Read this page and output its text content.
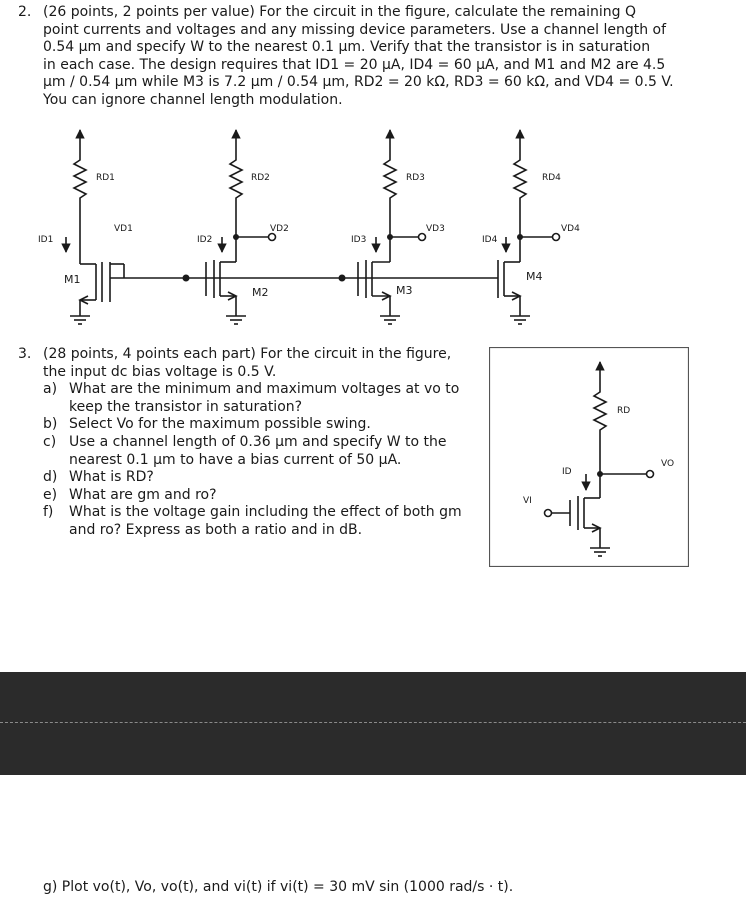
2. (26 points, 2 points per value) For the circuit in the figure, calculate the remaining Q
point currents and voltages and any missing device parameters. Use a channel length of
0.54 μm and specify W to the nearest 0.1 μm. Verify that the transistor is in saturation
in each case. The design requires that ID1 = 20 μA, ID4 = 60 μA, and M1 and M2 are 4.5
μm / 0.54 μm while M3 is 7.2 μm / 0.54 μm, RD2 = 20 kΩ, RD3 = 60 kΩ, and VD4 = 0.5 V.
You can ignore channel length modulation.
RD1	RD2	RD3	RD4
VD1	VD2	VD3	VD4
ID1	ID2	ID3	ID4
M1
M2	M3
M4
3. (28 points, 4 points each part) For the circuit in the figure,
the input dc bias voltage is 0.5 V.
a) What are the minimum and maximum voltages at vo to
keep the transistor in saturation?
b) Select Vo for the maximum possible swing.
c) Use a channel length of 0.36 μm and specify W to the
nearest 0.1 μm to have a bias current of 50 μA.
d) What is RD?
e) What are gm and ro?
f) What is the voltage gain including the effect of both gm
and ro? Express as both a ratio and in dB.
RD
ID
VO
VI
g) Plot vo(t), Vo, vo(t), and vi(t) if vi(t) = 30 mV sin (1000 rad/s · t).
